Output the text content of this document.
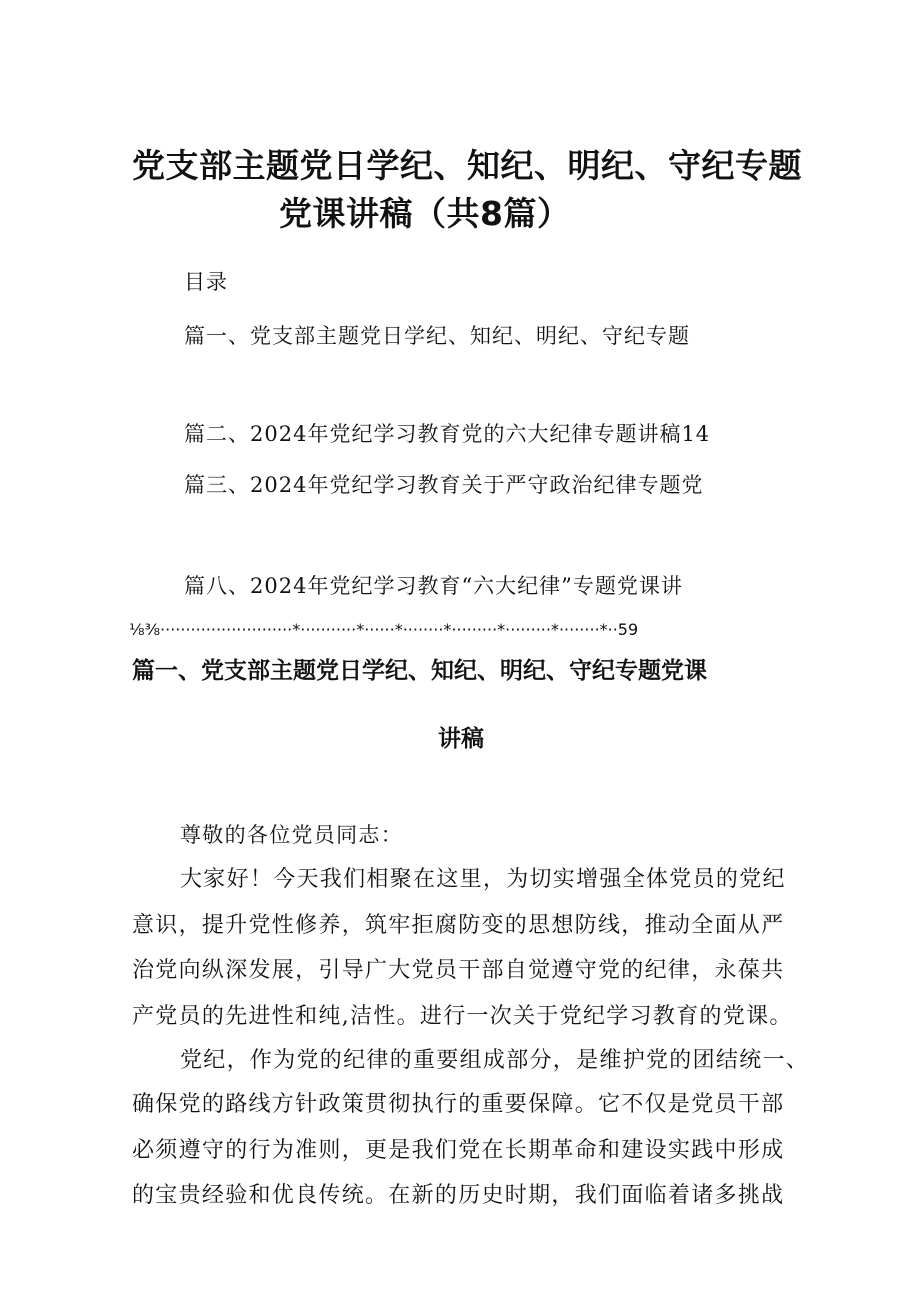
党支部主题党日学纪、知纪、明纪、守纪专题
党课讲稿（共8篇）
目录
篇一、党支部主题党日学纪、知纪、明纪、守纪专题
篇二、2024年党纪学习教育党的六大纪律专题讲稿14
篇三、2024年党纪学习教育关于严守政治纪律专题党
篇八、2024年党纪学习教育“六大纪律”专题党课讲
⅛⅜··························*···········*······*········*·········*·········*········*··59
篇一、党支部主题党日学纪、知纪、明纪、守纪专题党课
讲稿
尊敬的各位党员同志：
大家好！今天我们相聚在这里，为切实增强全体党员的党纪
意识，提升党性修养，筑牢拒腐防变的思想防线，推动全面从严
治党向纵深发展，引导广大党员干部自觉遵守党的纪律，永葆共
产党员的先进性和纯,洁性。进行一次关于党纪学习教育的党课。
党纪，作为党的纪律的重要组成部分，是维护党的团结统一、
确保党的路线方针政策贯彻执行的重要保障。它不仅是党员干部
必须遵守的行为准则，更是我们党在长期革命和建设实践中形成
的宝贵经验和优良传统。在新的历史时期，我们面临着诸多挑战
